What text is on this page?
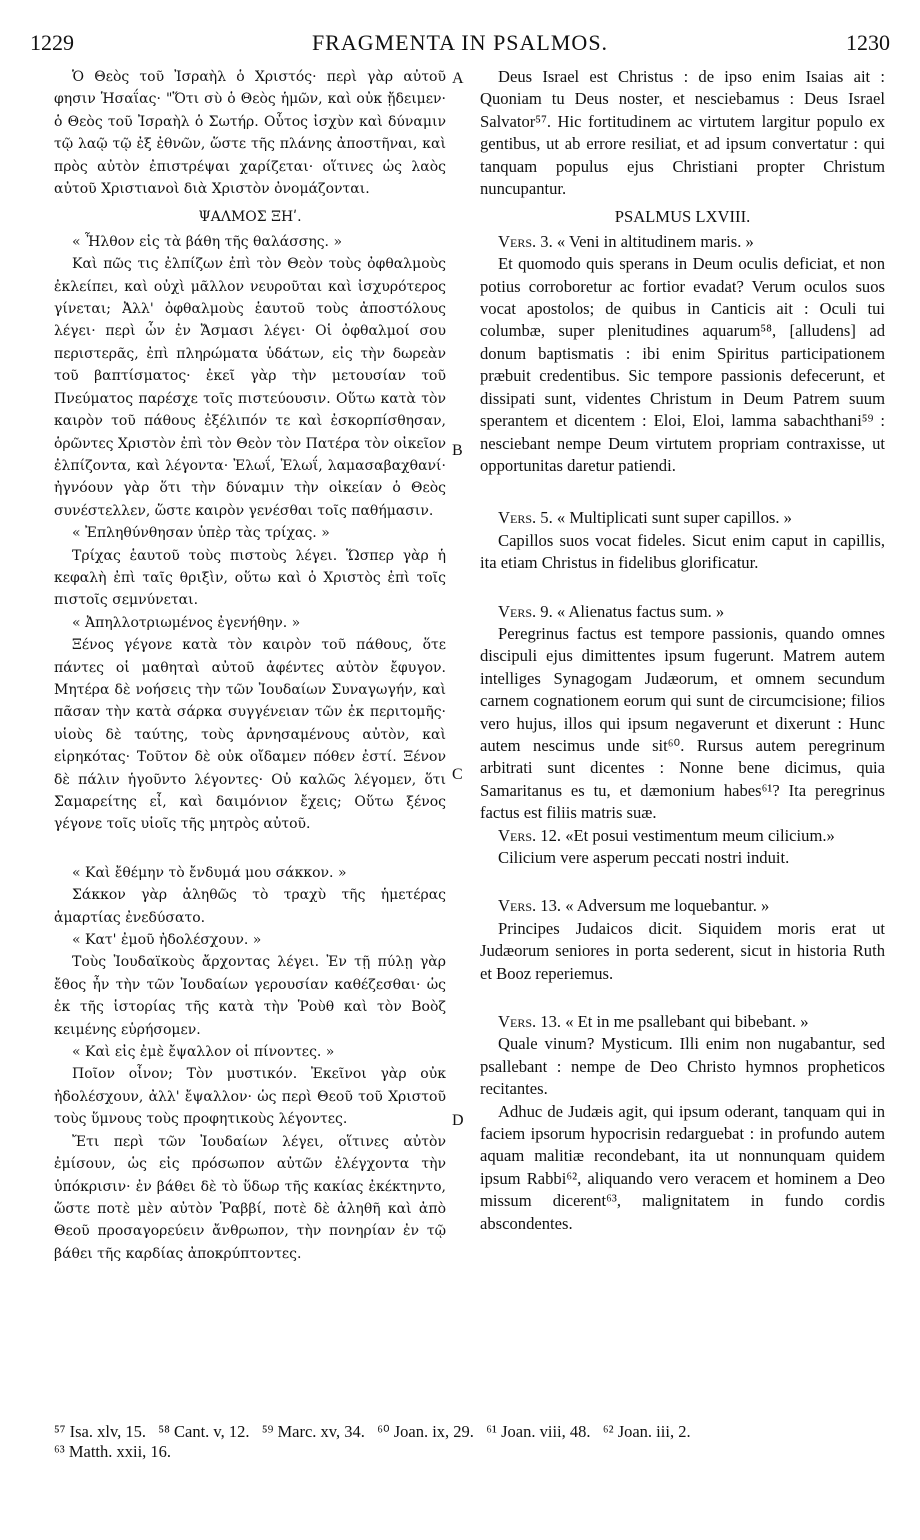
1229	FRAGMENTA IN PSALMOS.	1230
A
B
C
D
Ὁ Θεὸς τοῦ Ἰσραὴλ ὁ Χριστός· περὶ γὰρ αὐτοῦ φησιν Ἡσαΐας· "Ὅτι σὺ ὁ Θεὸς ἡμῶν, καὶ οὐκ ᾔδειμεν· ὁ Θεὸς τοῦ Ἰσραὴλ ὁ Σωτήρ. Οὗτος ἰσχὺν καὶ δύναμιν τῷ λαῷ τῷ ἐξ ἐθνῶν, ὥστε τῆς πλάνης ἀποστῆναι, καὶ πρὸς αὐτὸν ἐπιστρέψαι χαρίζεται· οἵτινες ὡς λαὸς αὐτοῦ Χριστιανοὶ διὰ Χριστὸν ὀνομάζονται.
ΨΑΛΜΟΣ ΞΗʹ.
« Ἦλθον εἰς τὰ βάθη τῆς θαλάσσης. »
Καὶ πῶς τις ἐλπίζων ἐπὶ τὸν Θεὸν τοὺς ὀφθαλμοὺς ἐκλείπει, καὶ οὐχὶ μᾶλλον νευροῦται καὶ ἰσχυρότερος γίνεται; Ἀλλ' ὀφθαλμοὺς ἑαυτοῦ τοὺς ἀποστόλους λέγει· περὶ ὧν ἐν Ἄσμασι λέγει· Οἱ ὀφθαλμοί σου περιστερᾶς, ἐπὶ πληρώματα ὑδάτων, εἰς τὴν δωρεὰν τοῦ βαπτίσματος· ἐκεῖ γὰρ τὴν μετουσίαν τοῦ Πνεύματος παρέσχε τοῖς πιστεύουσιν. Οὕτω κατὰ τὸν καιρὸν τοῦ πάθους ἐξέλιπόν τε καὶ ἐσκορπίσθησαν, ὁρῶντες Χριστὸν ἐπὶ τὸν Θεὸν τὸν Πατέρα τὸν οἰκεῖον ἐλπίζοντα, καὶ λέγοντα· Ἐλωΐ, Ἐλωΐ, λαμασαβαχθανί· ἠγνόουν γὰρ ὅτι τὴν δύναμιν τὴν οἰκείαν ὁ Θεὸς συνέστελλεν, ὥστε καιρὸν γενέσθαι τοῖς παθήμασιν.
« Ἐπληθύνθησαν ὑπὲρ τὰς τρίχας. »
Τρίχας ἑαυτοῦ τοὺς πιστοὺς λέγει. Ὥσπερ γὰρ ἡ κεφαλὴ ἐπὶ ταῖς θριξὶν, οὕτω καὶ ὁ Χριστὸς ἐπὶ τοῖς πιστοῖς σεμνύνεται.
« Ἀπηλλοτριωμένος ἐγενήθην. »
Ξένος γέγονε κατὰ τὸν καιρὸν τοῦ πάθους, ὅτε πάντες οἱ μαθηταὶ αὐτοῦ ἀφέντες αὐτὸν ἔφυγον. Μητέρα δὲ νοήσεις τὴν τῶν Ἰουδαίων Συναγωγήν, καὶ πᾶσαν τὴν κατὰ σάρκα συγγένειαν τῶν ἐκ περιτομῆς· υἱοὺς δὲ ταύτης, τοὺς ἀρνησαμένους αὐτὸν, καὶ εἰρηκότας· Τοῦτον δὲ οὐκ οἴδαμεν πόθεν ἐστί. Ξένον δὲ πάλιν ἡγοῦντο λέγοντες· Οὐ καλῶς λέγομεν, ὅτι Σαμαρείτης εἶ, καὶ δαιμόνιον ἔχεις; Οὕτω ξένος γέγονε τοῖς υἱοῖς τῆς μητρὸς αὐτοῦ.
« Καὶ ἔθέμην τὸ ἔνδυμά μου σάκκον. »
Σάκκον γὰρ ἀληθῶς τὸ τραχὺ τῆς ἡμετέρας ἁμαρτίας ἐνεδύσατο.
« Κατ' ἐμοῦ ἠδολέσχουν. »
Τοὺς Ἰουδαϊκοὺς ἄρχοντας λέγει. Ἐν τῇ πύλῃ γὰρ ἔθος ἦν τὴν τῶν Ἰουδαίων γερουσίαν καθέζεσθαι· ὡς ἐκ τῆς ἱστορίας τῆς κατὰ τὴν Ῥοὺθ καὶ τὸν Βοὸζ κειμένης εὑρήσομεν.
« Καὶ εἰς ἐμὲ ἔψαλλον οἱ πίνοντες. »
Ποῖον οἶνον; Τὸν μυστικόν. Ἐκεῖνοι γὰρ οὐκ ἠδολέσχουν, ἀλλ' ἔψαλλον· ὡς περὶ Θεοῦ τοῦ Χριστοῦ τοὺς ὕμνους τοὺς προφητικοὺς λέγοντες.
Ἔτι περὶ τῶν Ἰουδαίων λέγει, οἵτινες αὐτὸν ἐμίσουν, ὡς εἰς πρόσωπον αὐτῶν ἐλέγχοντα τὴν ὑπόκρισιν· ἐν βάθει δὲ τὸ ὕδωρ τῆς κακίας ἐκέκτηντο, ὥστε ποτὲ μὲν αὐτὸν Ῥαββί, ποτὲ δὲ ἀληθῆ καὶ ἀπὸ Θεοῦ προσαγορεύειν ἄνθρωπον, τὴν πονηρίαν ἐν τῷ βάθει τῆς καρδίας ἀποκρύπτοντες.
Deus Israel est Christus : de ipso enim Isaias ait : Quoniam tu Deus noster, et nesciebamus : Deus Israel Salvator⁵⁷. Hic fortitudinem ac virtutem largitur populo ex gentibus, ut ab errore resiliat, et ad ipsum convertatur : qui tanquam populus ejus Christiani propter Christum nuncupantur.
PSALMUS LXVIII.
Vers. 3. « Veni in altitudinem maris. »
Et quomodo quis sperans in Deum oculis deficiat, et non potius corroboretur ac fortior evadat? Verum oculos suos vocat apostolos; de quibus in Canticis ait : Oculi tui columbæ, super plenitudines aquarum⁵⁸, [alludens] ad donum baptismatis : ibi enim Spiritus participationem præbuit credentibus. Sic tempore passionis defecerunt, et dissipati sunt, videntes Christum in Deum Patrem suum sperantem et dicentem : Eloi, Eloi, lamma sabachthani⁵⁹ : nesciebant nempe Deum virtutem propriam contraxisse, ut opportunitas daretur patiendi.
Vers. 5. « Multiplicati sunt super capillos. »
Capillos suos vocat fideles. Sicut enim caput in capillis, ita etiam Christus in fidelibus glorificatur.
Vers. 9. « Alienatus factus sum. »
Peregrinus factus est tempore passionis, quando omnes discipuli ejus dimittentes ipsum fugerunt. Matrem autem intelliges Synagogam Judæorum, et omnem secundum carnem cognationem eorum qui sunt de circumcisione; filios vero hujus, illos qui ipsum negaverunt et dixerunt : Hunc autem nescimus unde sit⁶⁰. Rursus autem peregrinum arbitrati sunt dicentes : Nonne bene dicimus, quia Samaritanus es tu, et dæmonium habes⁶¹? Ita peregrinus factus est filiis matris suæ.
Vers. 12. «Et posui vestimentum meum cilicium.»
Cilicium vere asperum peccati nostri induit.
Vers. 13. « Adversum me loquebantur. »
Principes Judaicos dicit. Siquidem moris erat ut Judæorum seniores in porta sederent, sicut in historia Ruth et Booz reperiemus.
Vers. 13. « Et in me psallebant qui bibebant. »
Quale vinum? Mysticum. Illi enim non nugabantur, sed psallebant : nempe de Deo Christo hymnos propheticos recitantes.
Adhuc de Judæis agit, qui ipsum oderant, tanquam qui in faciem ipsorum hypocrisin redarguebat : in profundo autem aquam malitiæ recondebant, ita ut nonnunquam quidem ipsum Rabbi⁶², aliquando vero veracem et hominem a Deo missum dicerent⁶³, malignitatem in fundo cordis abscondentes.
⁵⁷ Isa. xlv, 15.   ⁵⁸ Cant. v, 12.   ⁵⁹ Marc. xv, 34.   ⁶⁰ Joan. ix, 29.   ⁶¹ Joan. viii, 48.   ⁶² Joan. iii, 2.
⁶³ Matth. xxii, 16.
